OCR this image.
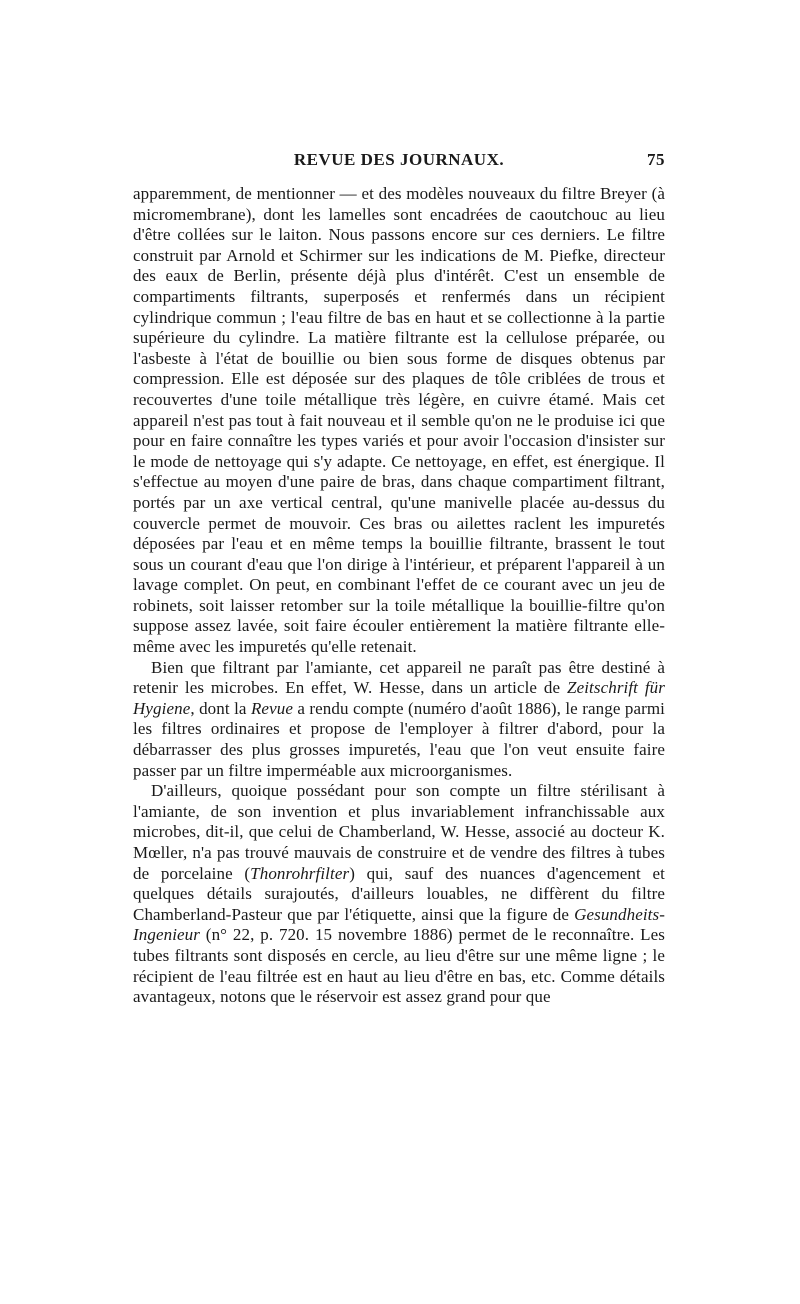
REVUE DES JOURNAUX.	75

apparemment, de mentionner — et des modèles nouveaux du filtre Breyer (à micromembrane), dont les lamelles sont encadrées de caoutchouc au lieu d'être collées sur le laiton. Nous passons encore sur ces derniers. Le filtre construit par Arnold et Schirmer sur les indications de M. Piefke, directeur des eaux de Berlin, présente déjà plus d'intérêt. C'est un ensemble de compartiments filtrants, superposés et renfermés dans un récipient cylindrique commun ; l'eau filtre de bas en haut et se collectionne à la partie supérieure du cylindre. La matière filtrante est la cellulose préparée, ou l'asbeste à l'état de bouillie ou bien sous forme de disques obtenus par compression. Elle est déposée sur des plaques de tôle criblées de trous et recouvertes d'une toile métallique très légère, en cuivre étamé. Mais cet appareil n'est pas tout à fait nouveau et il semble qu'on ne le produise ici que pour en faire connaître les types variés et pour avoir l'occasion d'insister sur le mode de nettoyage qui s'y adapte. Ce nettoyage, en effet, est énergique. Il s'effectue au moyen d'une paire de bras, dans chaque compartiment filtrant, portés par un axe vertical central, qu'une manivelle placée au-dessus du couvercle permet de mouvoir. Ces bras ou ailettes raclent les impuretés déposées par l'eau et en même temps la bouillie filtrante, brassent le tout sous un courant d'eau que l'on dirige à l'intérieur, et préparent l'appareil à un lavage complet. On peut, en combinant l'effet de ce courant avec un jeu de robinets, soit laisser retomber sur la toile métallique la bouillie-filtre qu'on suppose assez lavée, soit faire écouler entièrement la matière filtrante elle-même avec les impuretés qu'elle retenait.

Bien que filtrant par l'amiante, cet appareil ne paraît pas être destiné à retenir les microbes. En effet, W. Hesse, dans un article de Zeitschrift für Hygiene, dont la Revue a rendu compte (numéro d'août 1886), le range parmi les filtres ordinaires et propose de l'employer à filtrer d'abord, pour la débarrasser des plus grosses impuretés, l'eau que l'on veut ensuite faire passer par un filtre imperméable aux microorganismes.

D'ailleurs, quoique possédant pour son compte un filtre stérilisant à l'amiante, de son invention et plus invariablement infranchissable aux microbes, dit-il, que celui de Chamberland, W. Hesse, associé au docteur K. Mœller, n'a pas trouvé mauvais de construire et de vendre des filtres à tubes de porcelaine (Thonrohrfilter) qui, sauf des nuances d'agencement et quelques détails surajoutés, d'ailleurs louables, ne diffèrent du filtre Chamberland-Pasteur que par l'étiquette, ainsi que la figure de Gesundheits-Ingenieur (n° 22, p. 720. 15 novembre 1886) permet de le reconnaître. Les tubes filtrants sont disposés en cercle, au lieu d'être sur une même ligne ; le récipient de l'eau filtrée est en haut au lieu d'être en bas, etc. Comme détails avantageux, notons que le réservoir est assez grand pour que
